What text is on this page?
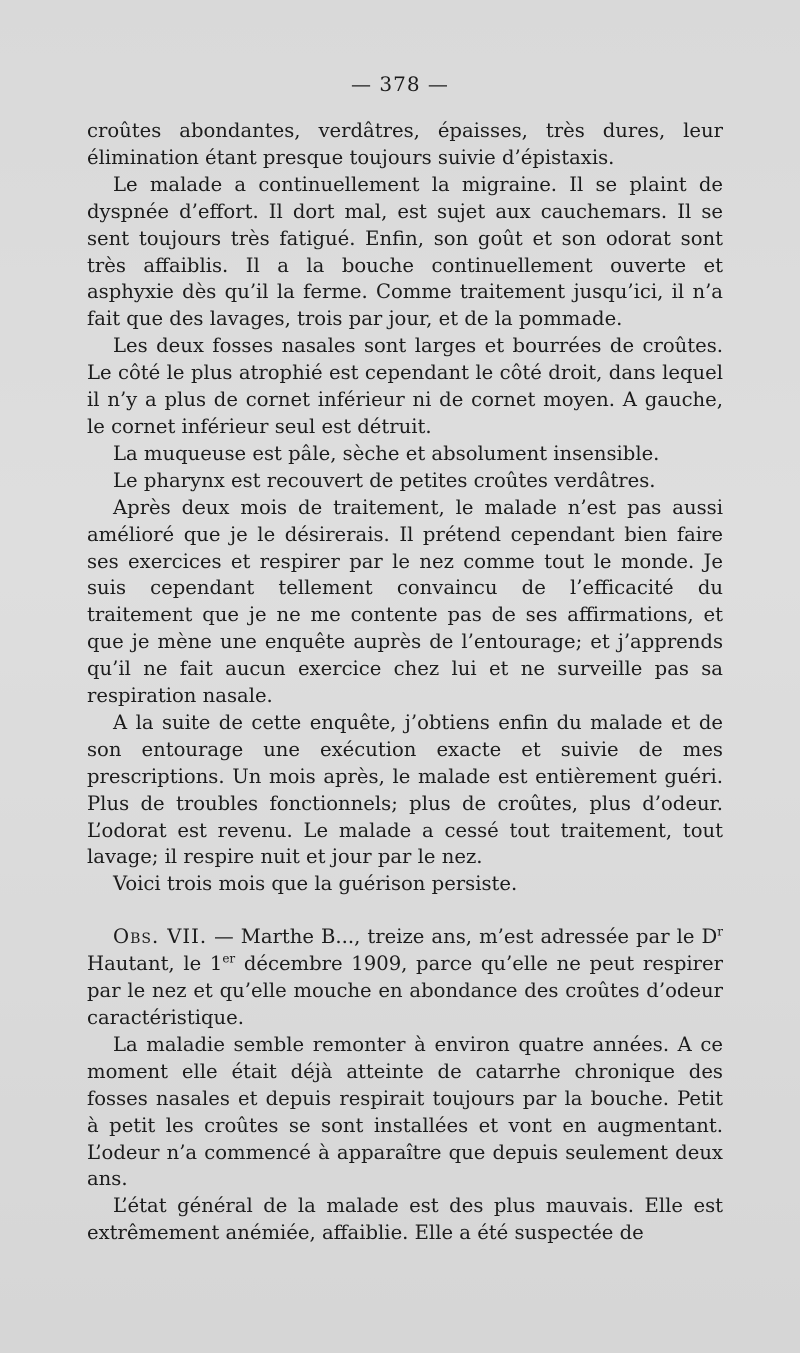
— 378 —

croûtes abondantes, verdâtres, épaisses, très dures, leur élimination étant presque toujours suivie d’épistaxis.

Le malade a continuellement la migraine. Il se plaint de dyspnée d’effort. Il dort mal, est sujet aux cauchemars. Il se sent toujours très fatigué. Enfin, son goût et son odorat sont très affaiblis. Il a la bouche continuellement ouverte et asphyxie dès qu’il la ferme. Comme traitement jusqu’ici, il n’a fait que des lavages, trois par jour, et de la pommade.

Les deux fosses nasales sont larges et bourrées de croûtes. Le côté le plus atrophié est cependant le côté droit, dans lequel il n’y a plus de cornet inférieur ni de cornet moyen. A gauche, le cornet inférieur seul est détruit.

La muqueuse est pâle, sèche et absolument insensible.

Le pharynx est recouvert de petites croûtes verdâtres.

Après deux mois de traitement, le malade n’est pas aussi amélioré que je le désirerais. Il prétend cependant bien faire ses exercices et respirer par le nez comme tout le monde. Je suis cependant tellement convaincu de l’efficacité du traitement que je ne me contente pas de ses affirmations, et que je mène une enquête auprès de l’entourage; et j’apprends qu’il ne fait aucun exercice chez lui et ne surveille pas sa respiration nasale.

A la suite de cette enquête, j’obtiens enfin du malade et de son entourage une exécution exacte et suivie de mes prescriptions. Un mois après, le malade est entièrement guéri. Plus de troubles fonctionnels; plus de croûtes, plus d’odeur. L’odorat est revenu. Le malade a cessé tout traitement, tout lavage; il respire nuit et jour par le nez.

Voici trois mois que la guérison persiste.

Obs. VII. — Marthe B..., treize ans, m’est adressée par le $D^r$ Hautant, le 1er décembre 1909, parce qu’elle ne peut respirer par le nez et qu’elle mouche en abondance des croûtes d’odeur caractéristique.

La maladie semble remonter à environ quatre années. A ce moment elle était déjà atteinte de catarrhe chronique des fosses nasales et depuis respirait toujours par la bouche. Petit à petit les croûtes se sont installées et vont en augmentant. L’odeur n’a commencé à apparaître que depuis seulement deux ans.

L’état général de la malade est des plus mauvais. Elle est extrêmement anémiée, affaiblie. Elle a été suspectée de
